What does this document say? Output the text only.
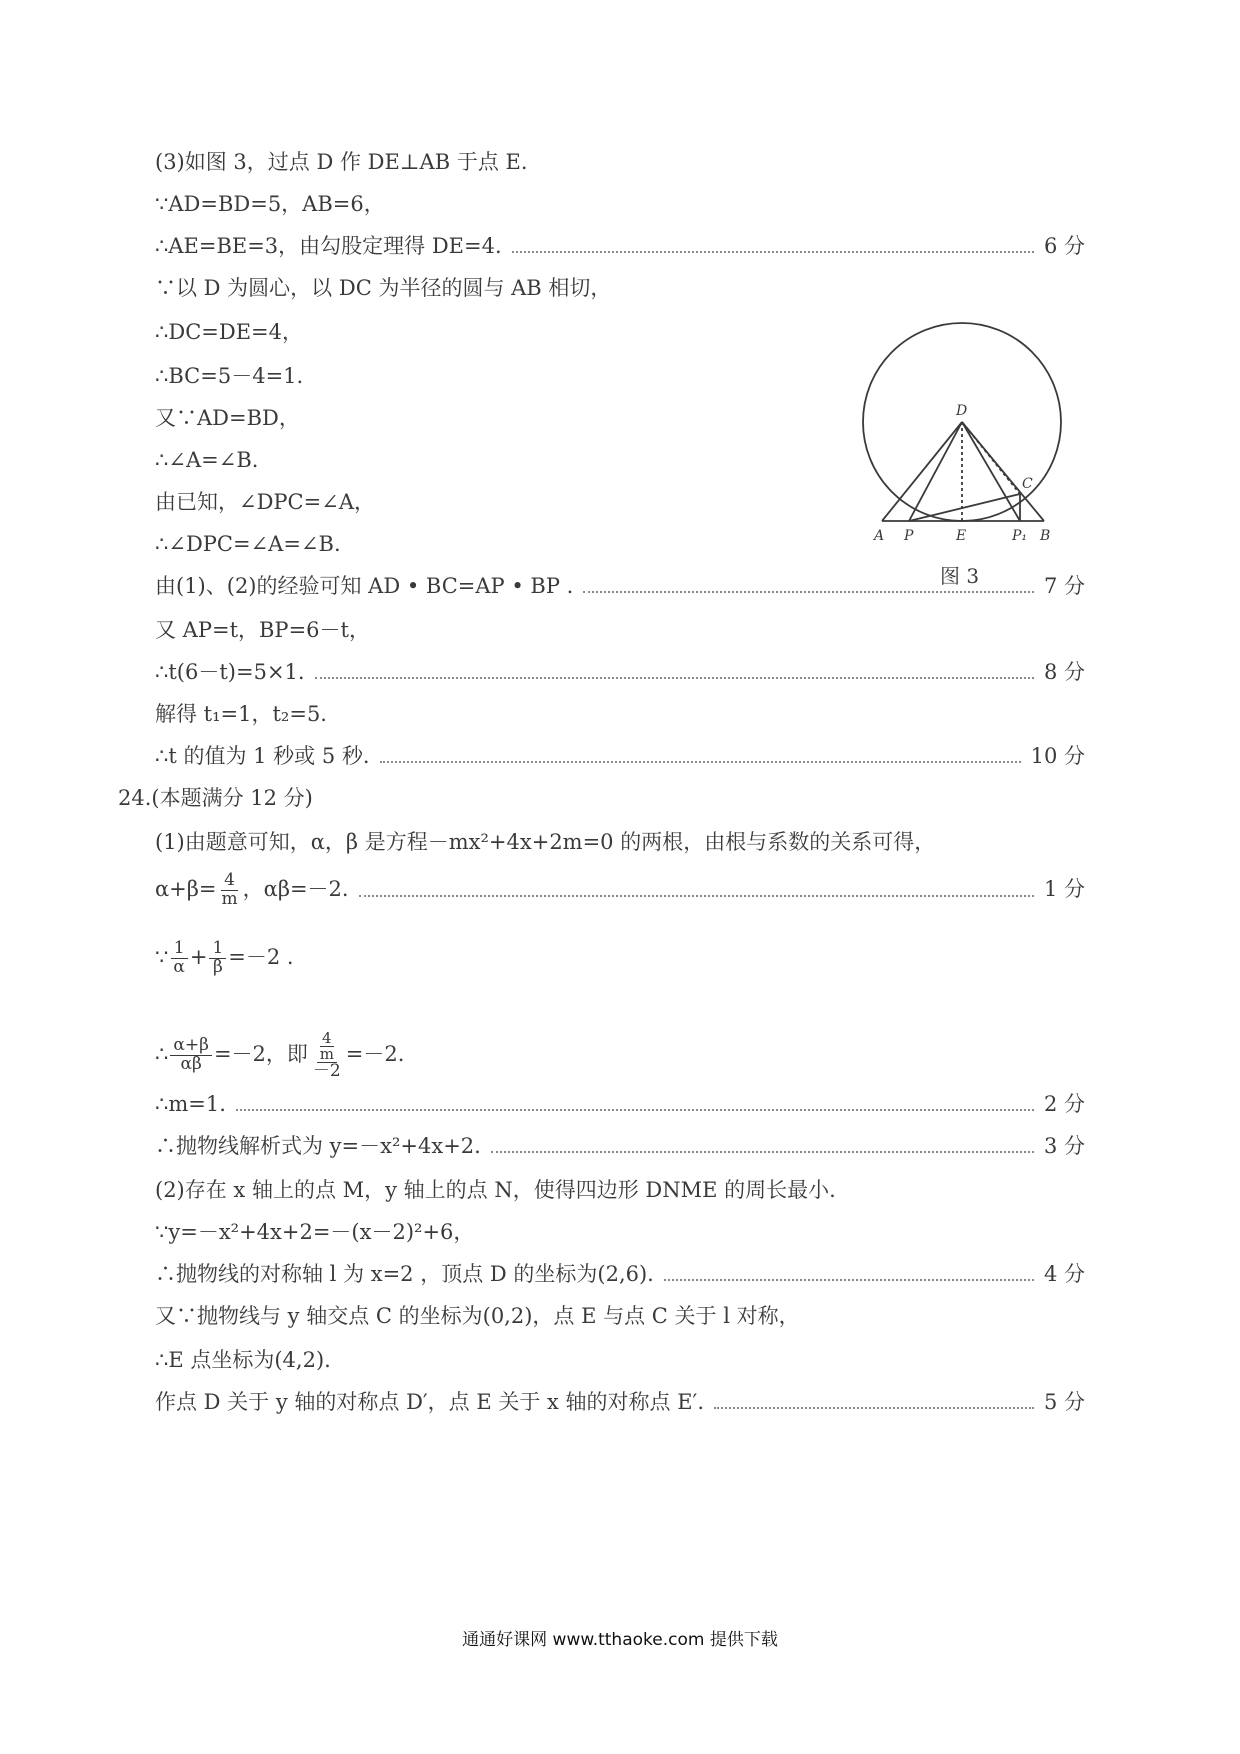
(3)如图 3，过点 D 作 DE⊥AB 于点 E.
∵AD=BD=5，AB=6，
∴AE=BE=3，由勾股定理得 DE=4.	6 分
∵以 D 为圆心，以 DC 为半径的圆与 AB 相切，
∴DC=DE=4，
∴BC=5－4=1.
又∵AD=BD，
∴∠A=∠B.
由已知，∠DPC=∠A，
∴∠DPC=∠A=∠B.
由(1)、(2)的经验可知 AD • BC=AP • BP .	7 分
又 AP=t，BP=6－t，
∴t(6－t)=5×1.	8 分
解得 t₁=1，t₂=5.
∴t 的值为 1 秒或 5 秒.	10 分
24.(本题满分 12 分)
(1)由题意可知，α，β 是方程－mx²+4x+2m=0 的两根，由根与系数的关系可得，
$\alpha+\beta= \frac{4}{m}$ ，αβ=－2.	1 分
∵ $\frac{1}{\alpha} + \frac{1}{\beta} =-2$ .
∴ $\frac{\alpha+\beta}{\alpha\beta} =-2$，即 $\frac{\frac{4}{m}}{-2} =-2$.
∴m=1.	2 分
∴抛物线解析式为 y=－x²+4x+2.	3 分
(2)存在 x 轴上的点 M，y 轴上的点 N，使得四边形 DNME 的周长最小.
∵y=－x²+4x+2=－(x－2)²+6，
∴抛物线的对称轴 l 为 x=2 ，顶点 D 的坐标为(2,6).	4 分
又∵抛物线与 y 轴交点 C 的坐标为(0,2)，点 E 与点 C 关于 l 对称，
∴E 点坐标为(4,2).
作点 D 关于 y 轴的对称点 D′，点 E 关于 x 轴的对称点 E′.	5 分
D
C
A P	E	P₁ B
图 3
通通好课网 www.tthaoke.com 提供下载
